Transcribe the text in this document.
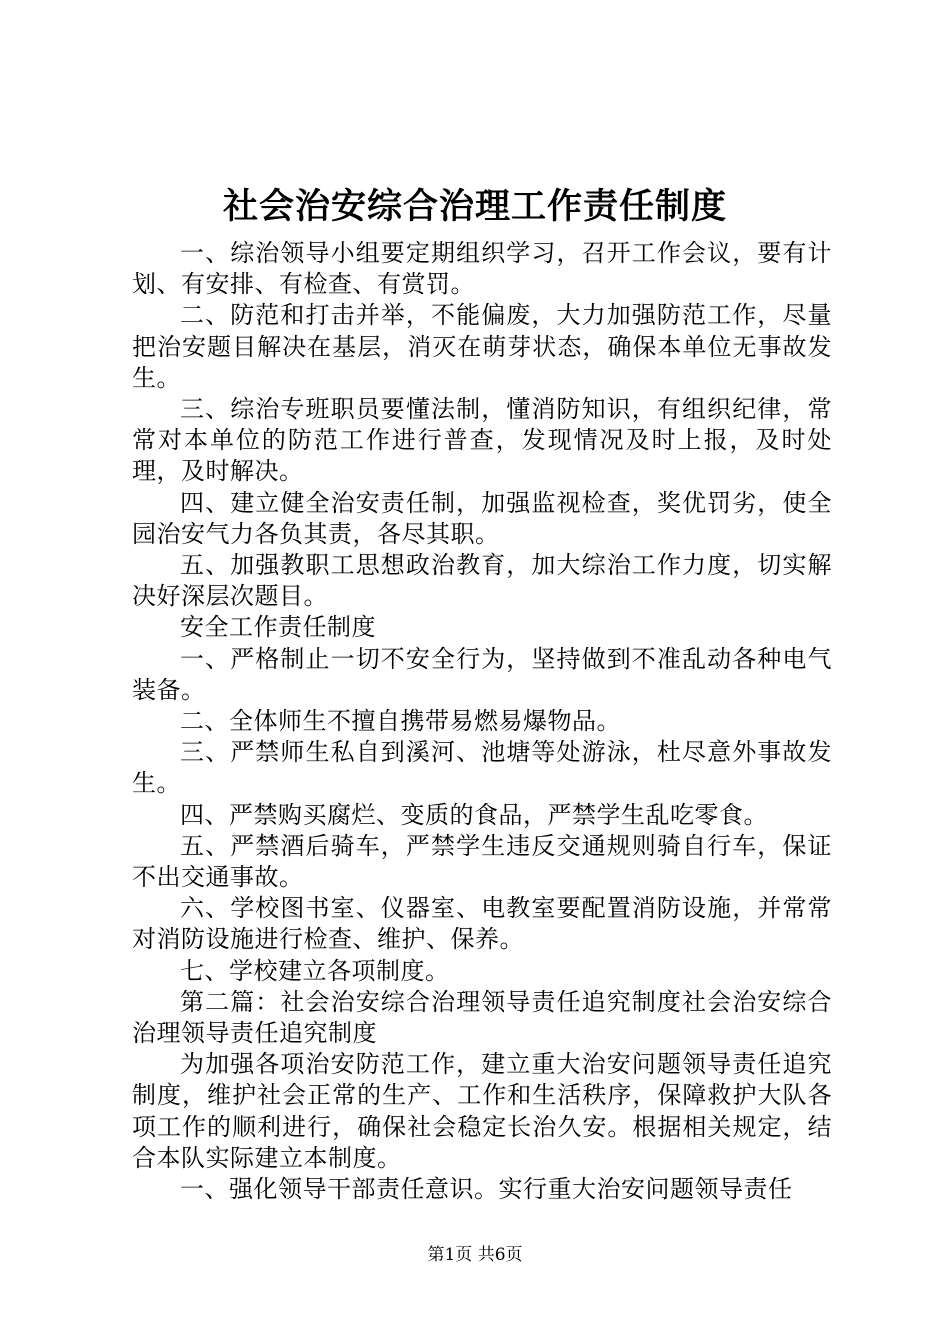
社会治安综合治理工作责任制度

一、综治领导小组要定期组织学习，召开工作会议，要有计划、有安排、有检查、有赏罚。

二、防范和打击并举，不能偏废，大力加强防范工作，尽量把治安题目解决在基层，消灭在萌芽状态，确保本单位无事故发生。

三、综治专班职员要懂法制，懂消防知识，有组织纪律，常常对本单位的防范工作进行普查，发现情况及时上报，及时处理，及时解决。

四、建立健全治安责任制，加强监视检查，奖优罚劣，使全园治安气力各负其责，各尽其职。

五、加强教职工思想政治教育，加大综治工作力度，切实解决好深层次题目。

安全工作责任制度

一、严格制止一切不安全行为，坚持做到不准乱动各种电气装备。

二、全体师生不擅自携带易燃易爆物品。

三、严禁师生私自到溪河、池塘等处游泳，杜尽意外事故发生。

四、严禁购买腐烂、变质的食品，严禁学生乱吃零食。

五、严禁酒后骑车，严禁学生违反交通规则骑自行车，保证不出交通事故。

六、学校图书室、仪器室、电教室要配置消防设施，并常常对消防设施进行检查、维护、保养。

七、学校建立各项制度。

第二篇：社会治安综合治理领导责任追究制度社会治安综合治理领导责任追究制度

为加强各项治安防范工作，建立重大治安问题领导责任追究制度，维护社会正常的生产、工作和生活秩序，保障救护大队各项工作的顺利进行，确保社会稳定长治久安。根据相关规定，结合本队实际建立本制度。

一、强化领导干部责任意识。实行重大治安问题领导责任

第1页 共6页
